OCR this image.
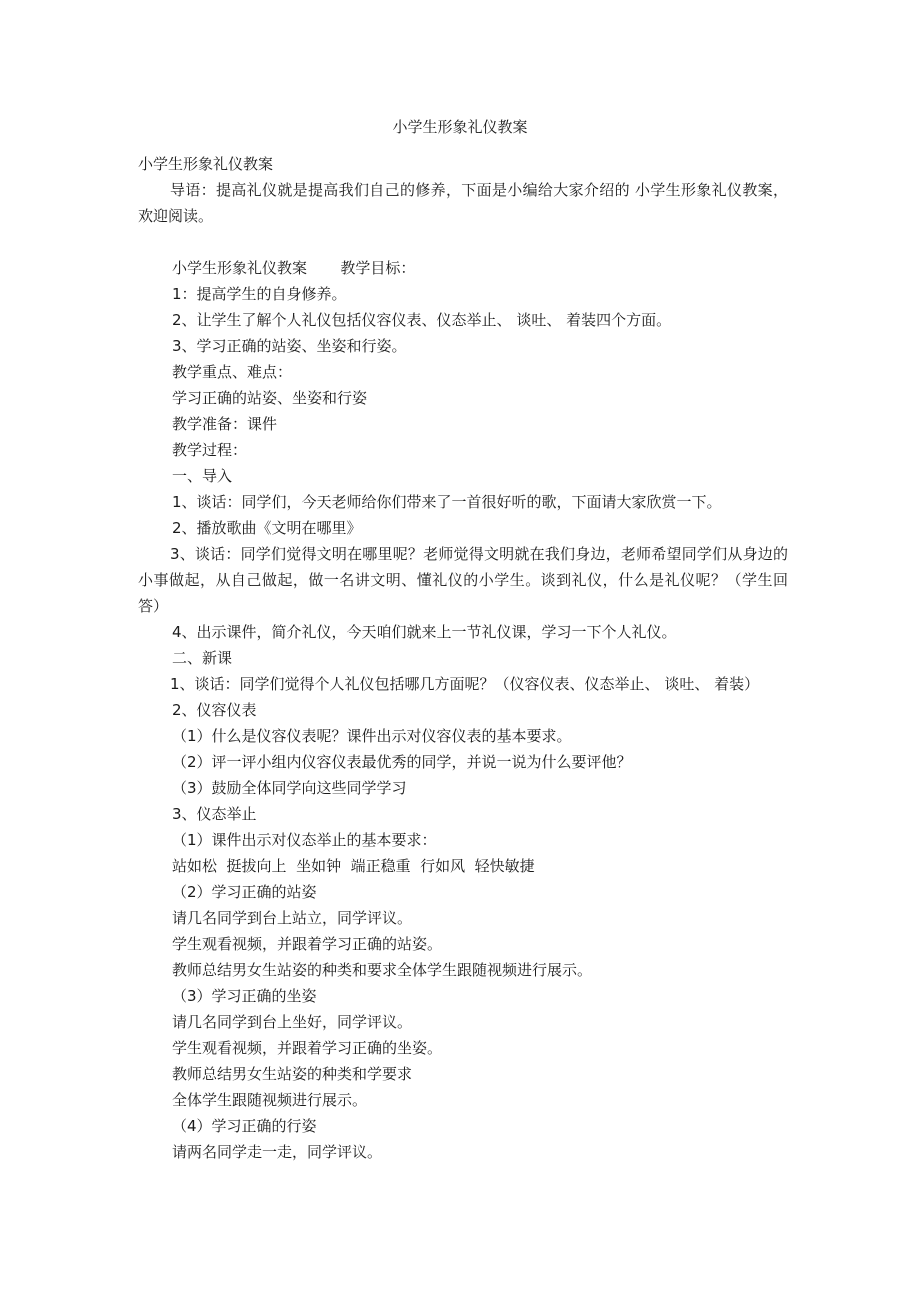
小学生形象礼仪教案
小学生形象礼仪教案
导语：提高礼仪就是提高我们自己的修养，下面是小编给大家介绍的 小学生形象礼仪教案，欢迎阅读。
小学生形象礼仪教案       教学目标：
1：提高学生的自身修养。
2、让学生了解个人礼仪包括仪容仪表、仪态举止、 谈吐、 着装四个方面。
3、学习正确的站姿、坐姿和行姿。
教学重点、难点：
学习正确的站姿、坐姿和行姿
教学准备：课件
教学过程：
一、导入
1、谈话：同学们，今天老师给你们带来了一首很好听的歌，下面请大家欣赏一下。
2、播放歌曲《文明在哪里》
3、谈话：同学们觉得文明在哪里呢？老师觉得文明就在我们身边，老师希望同学们从身边的小事做起，从自己做起，做一名讲文明、懂礼仪的小学生。谈到礼仪，什么是礼仪呢？（学生回答）
4、出示课件，简介礼仪，今天咱们就来上一节礼仪课，学习一下个人礼仪。
二、新课
1、谈话：同学们觉得个人礼仪包括哪几方面呢？（仪容仪表、仪态举止、 谈吐、 着装）
2、仪容仪表
（1）什么是仪容仪表呢？课件出示对仪容仪表的基本要求。
（2）评一评小组内仪容仪表最优秀的同学，并说一说为什么要评他？
（3）鼓励全体同学向这些同学学习
3、仪态举止
（1）课件出示对仪态举止的基本要求：
站如松  挺拔向上  坐如钟  端正稳重  行如风  轻快敏捷
（2）学习正确的站姿
请几名同学到台上站立，同学评议。
学生观看视频，并跟着学习正确的站姿。
教师总结男女生站姿的种类和要求全体学生跟随视频进行展示。
（3）学习正确的坐姿
请几名同学到台上坐好，同学评议。
学生观看视频，并跟着学习正确的坐姿。
教师总结男女生站姿的种类和学要求
全体学生跟随视频进行展示。
（4）学习正确的行姿
请两名同学走一走，同学评议。
